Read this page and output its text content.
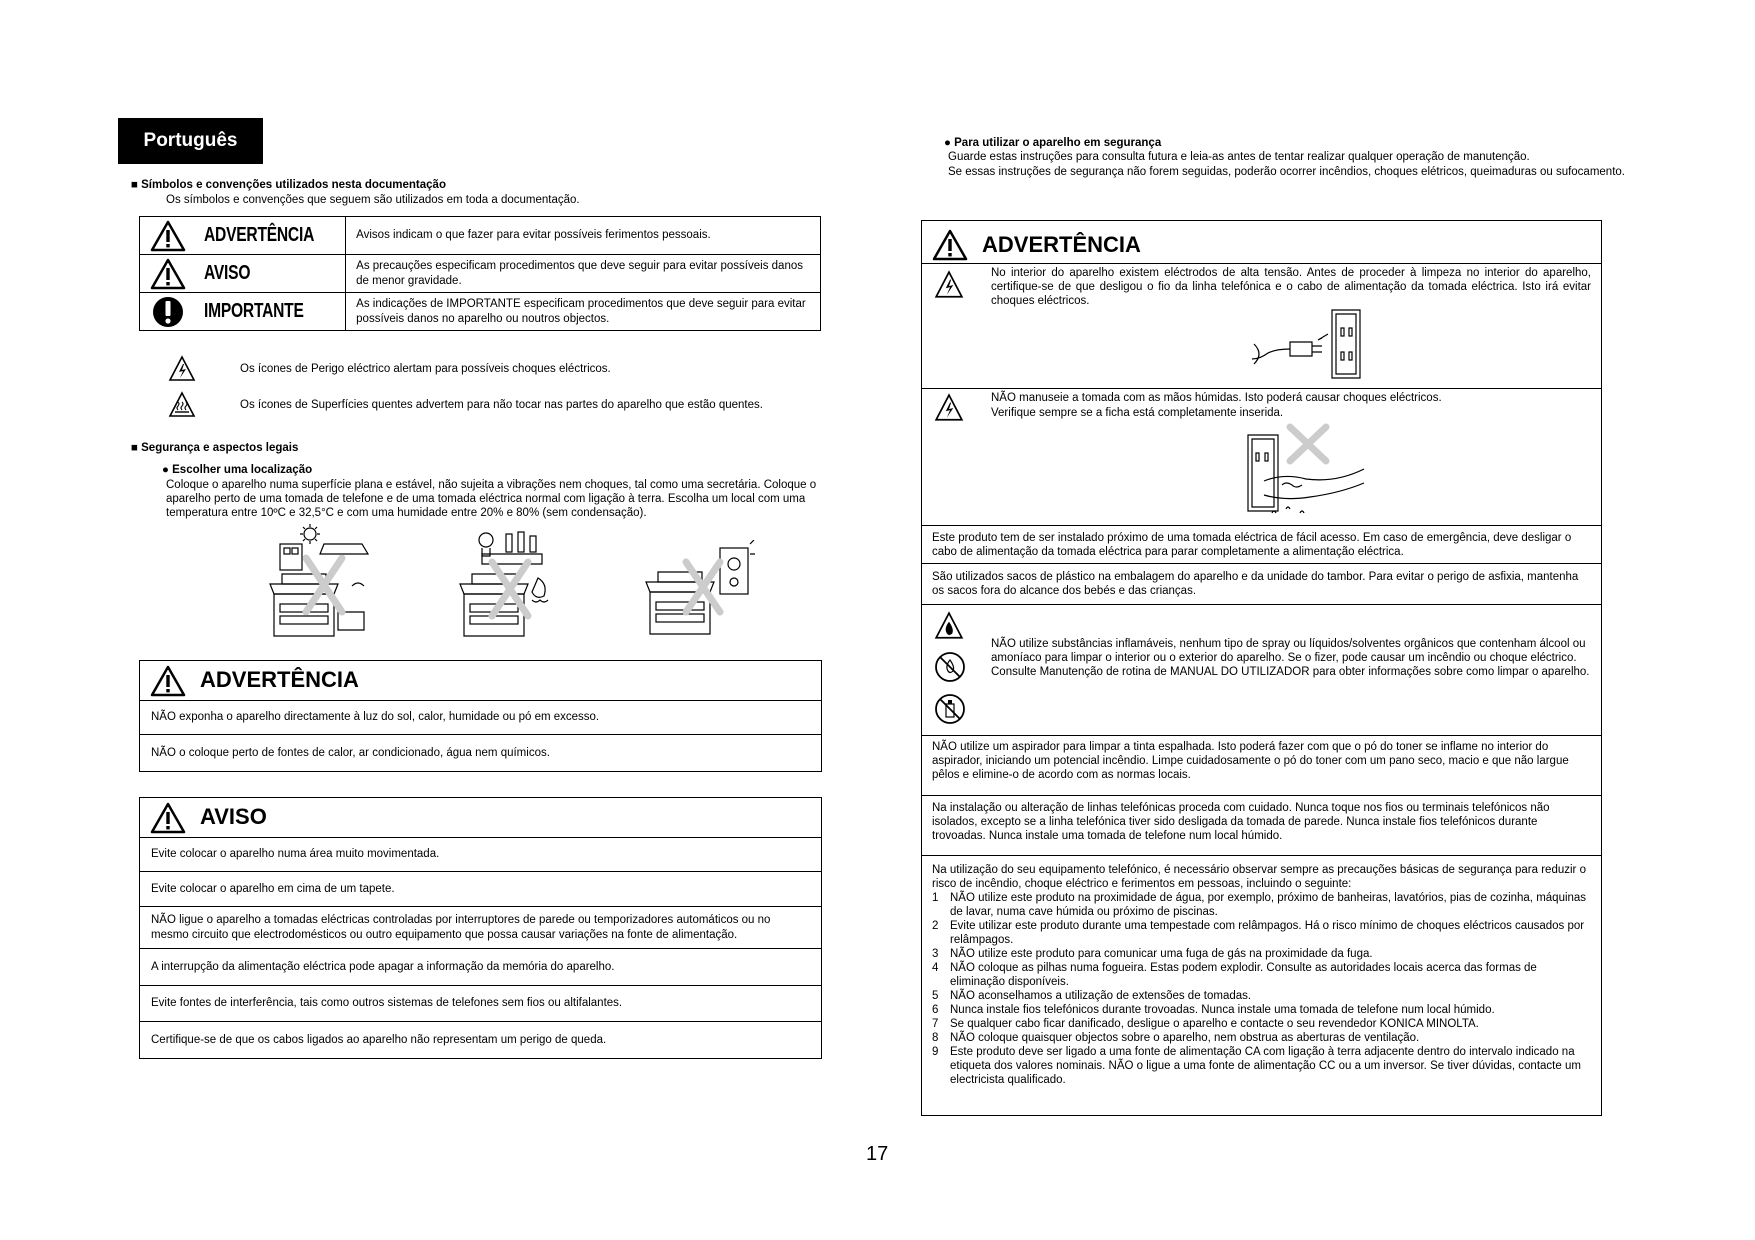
Português
■ Símbolos e convenções utilizados nesta documentação
Os símbolos e convenções que seguem são utilizados em toda a documentação.
ADVERTÊNCIA	Avisos indicam o que fazer para evitar possíveis ferimentos pessoais.

AVISO	As precauções especificam procedimentos que deve seguir para evitar possíveis danos de menor gravidade.

IMPORTANTE	As indicações de IMPORTANTE especificam procedimentos que deve seguir para evitar possíveis danos no aparelho ou noutros objectos.
Os ícones de Perigo eléctrico alertam para possíveis choques eléctricos.
Os ícones de Superfícies quentes advertem para não tocar nas partes do aparelho que estão quentes.
■ Segurança e aspectos legais
● Escolher uma localização
Coloque o aparelho numa superfície plana e estável, não sujeita a vibrações nem choques, tal como uma secretária. Coloque o aparelho perto de uma tomada de telefone e de uma tomada eléctrica normal com ligação à terra. Escolha um local com uma temperatura entre 10ºC e 32,5°C e com uma humidade entre 20% e 80% (sem condensação).
ADVERTÊNCIA
NÃO exponha o aparelho directamente à luz do sol, calor, humidade ou pó em excesso.
NÃO o coloque perto de fontes de calor, ar condicionado, água nem químicos.
AVISO
Evite colocar o aparelho numa área muito movimentada.
Evite colocar o aparelho em cima de um tapete.
NÃO ligue o aparelho a tomadas eléctricas controladas por interruptores de parede ou temporizadores automáticos ou no mesmo circuito que electrodomésticos ou outro equipamento que possa causar variações na fonte de alimentação.
A interrupção da alimentação eléctrica pode apagar a informação da memória do aparelho.
Evite fontes de interferência, tais como outros sistemas de telefones sem fios ou altifalantes.
Certifique-se de que os cabos ligados ao aparelho não representam um perigo de queda.
● Para utilizar o aparelho em segurança
Guarde estas instruções para consulta futura e leia-as antes de tentar realizar qualquer operação de manutenção.
Se essas instruções de segurança não forem seguidas, poderão ocorrer incêndios, choques elétricos, queimaduras ou sufocamento.
ADVERTÊNCIA
No interior do aparelho existem eléctrodos de alta tensão. Antes de proceder à limpeza no interior do aparelho, certifique-se de que desligou o fio da linha telefónica e o cabo de alimentação da tomada eléctrica. Isto irá evitar choques eléctricos.
NÃO manuseie a tomada com as mãos húmidas. Isto poderá causar choques eléctricos.
Verifique sempre se a ficha está completamente inserida.
Este produto tem de ser instalado próximo de uma tomada eléctrica de fácil acesso. Em caso de emergência, deve desligar o cabo de alimentação da tomada eléctrica para parar completamente a alimentação eléctrica.
São utilizados sacos de plástico na embalagem do aparelho e da unidade do tambor. Para evitar o perigo de asfixia, mantenha os sacos fora do alcance dos bebés e das crianças.
NÃO utilize substâncias inflamáveis, nenhum tipo de spray ou líquidos/solventes orgânicos que contenham álcool ou amoníaco para limpar o interior ou o exterior do aparelho. Se o fizer, pode causar um incêndio ou choque eléctrico. Consulte Manutenção de rotina de MANUAL DO UTILIZADOR para obter informações sobre como limpar o aparelho.
NÃO utilize um aspirador para limpar a tinta espalhada. Isto poderá fazer com que o pó do toner se inflame no interior do aspirador, iniciando um potencial incêndio. Limpe cuidadosamente o pó do toner com um pano seco, macio e que não largue pêlos e elimine-o de acordo com as normas locais.
Na instalação ou alteração de linhas telefónicas proceda com cuidado. Nunca toque nos fios ou terminais telefónicos não isolados, excepto se a linha telefónica tiver sido desligada da tomada de parede. Nunca instale fios telefónicos durante trovoadas. Nunca instale uma tomada de telefone num local húmido.
Na utilização do seu equipamento telefónico, é necessário observar sempre as precauções básicas de segurança para reduzir o risco de incêndio, choque eléctrico e ferimentos em pessoas, incluindo o seguinte:
1	NÃO utilize este produto na proximidade de água, por exemplo, próximo de banheiras, lavatórios, pias de cozinha, máquinas de lavar, numa cave húmida ou próximo de piscinas.
2	Evite utilizar este produto durante uma tempestade com relâmpagos. Há o risco mínimo de choques eléctricos causados por relâmpagos.
3	NÃO utilize este produto para comunicar uma fuga de gás na proximidade da fuga.
4	NÃO coloque as pilhas numa fogueira. Estas podem explodir. Consulte as autoridades locais acerca das formas de eliminação disponíveis.
5	NÃO aconselhamos a utilização de extensões de tomadas.
6	Nunca instale fios telefónicos durante trovoadas. Nunca instale uma tomada de telefone num local húmido.
7	Se qualquer cabo ficar danificado, desligue o aparelho e contacte o seu revendedor KONICA MINOLTA.
8	NÃO coloque quaisquer objectos sobre o aparelho, nem obstrua as aberturas de ventilação.
9	Este produto deve ser ligado a uma fonte de alimentação CA com ligação à terra adjacente dentro do intervalo indicado na etiqueta dos valores nominais. NÃO o ligue a uma fonte de alimentação CC ou a um inversor. Se tiver dúvidas, contacte um electricista qualificado.
17
